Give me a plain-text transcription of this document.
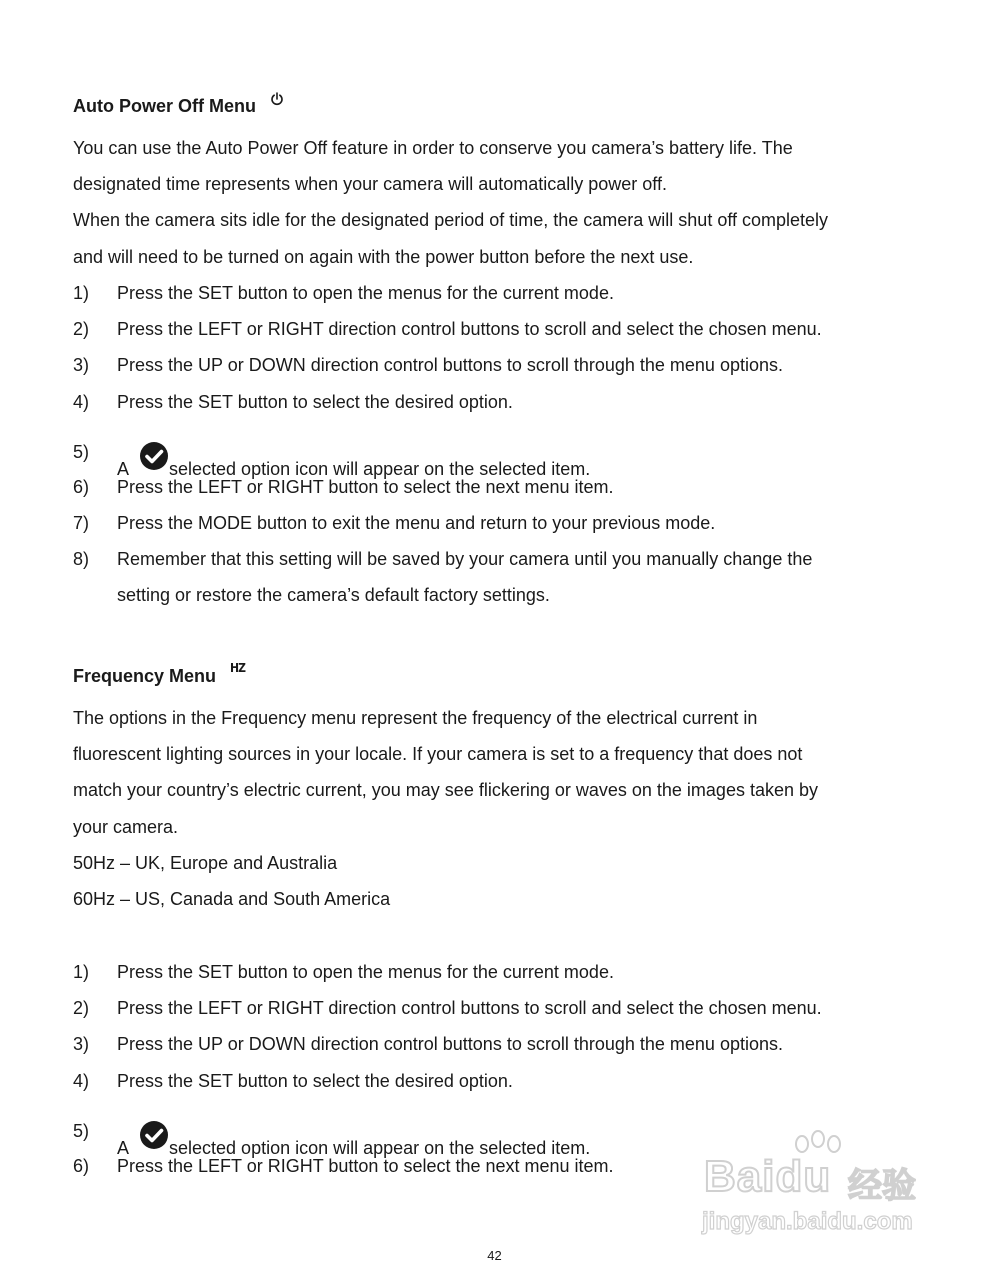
Auto Power Off Menu
You can use the Auto Power Off feature in order to conserve you camera’s battery life. The
designated time represents when your camera will automatically power off.
When the camera sits idle for the designated period of time, the camera will shut off completely
and will need to be turned on again with the power button before the next use.
1) Press the SET button to open the menus for the current mode.
2) Press the LEFT or RIGHT direction control buttons to scroll and select the chosen menu.
3) Press the UP or DOWN direction control buttons to scroll through the menu options.
4) Press the SET button to select the desired option.
5)
A selected option icon will appear on the selected item.
6) Press the LEFT or RIGHT button to select the next menu item.
7) Press the MODE button to exit the menu and return to your previous mode.
8) Remember that this setting will be saved by your camera until you manually change the
setting or restore the camera’s default factory settings.
Frequency Menu HZ
The options in the Frequency menu represent the frequency of the electrical current in
fluorescent lighting sources in your locale. If your camera is set to a frequency that does not
match your country’s electric current, you may see flickering or waves on the images taken by
your camera.
50Hz – UK, Europe and Australia
60Hz – US, Canada and South America
1) Press the SET button to open the menus for the current mode.
2) Press the LEFT or RIGHT direction control buttons to scroll and select the chosen menu.
3) Press the UP or DOWN direction control buttons to scroll through the menu options.
4) Press the SET button to select the desired option.
5)
A selected option icon will appear on the selected item.
6) Press the LEFT or RIGHT button to select the next menu item. Baidu 经验
jingyan.baidu.com
42
